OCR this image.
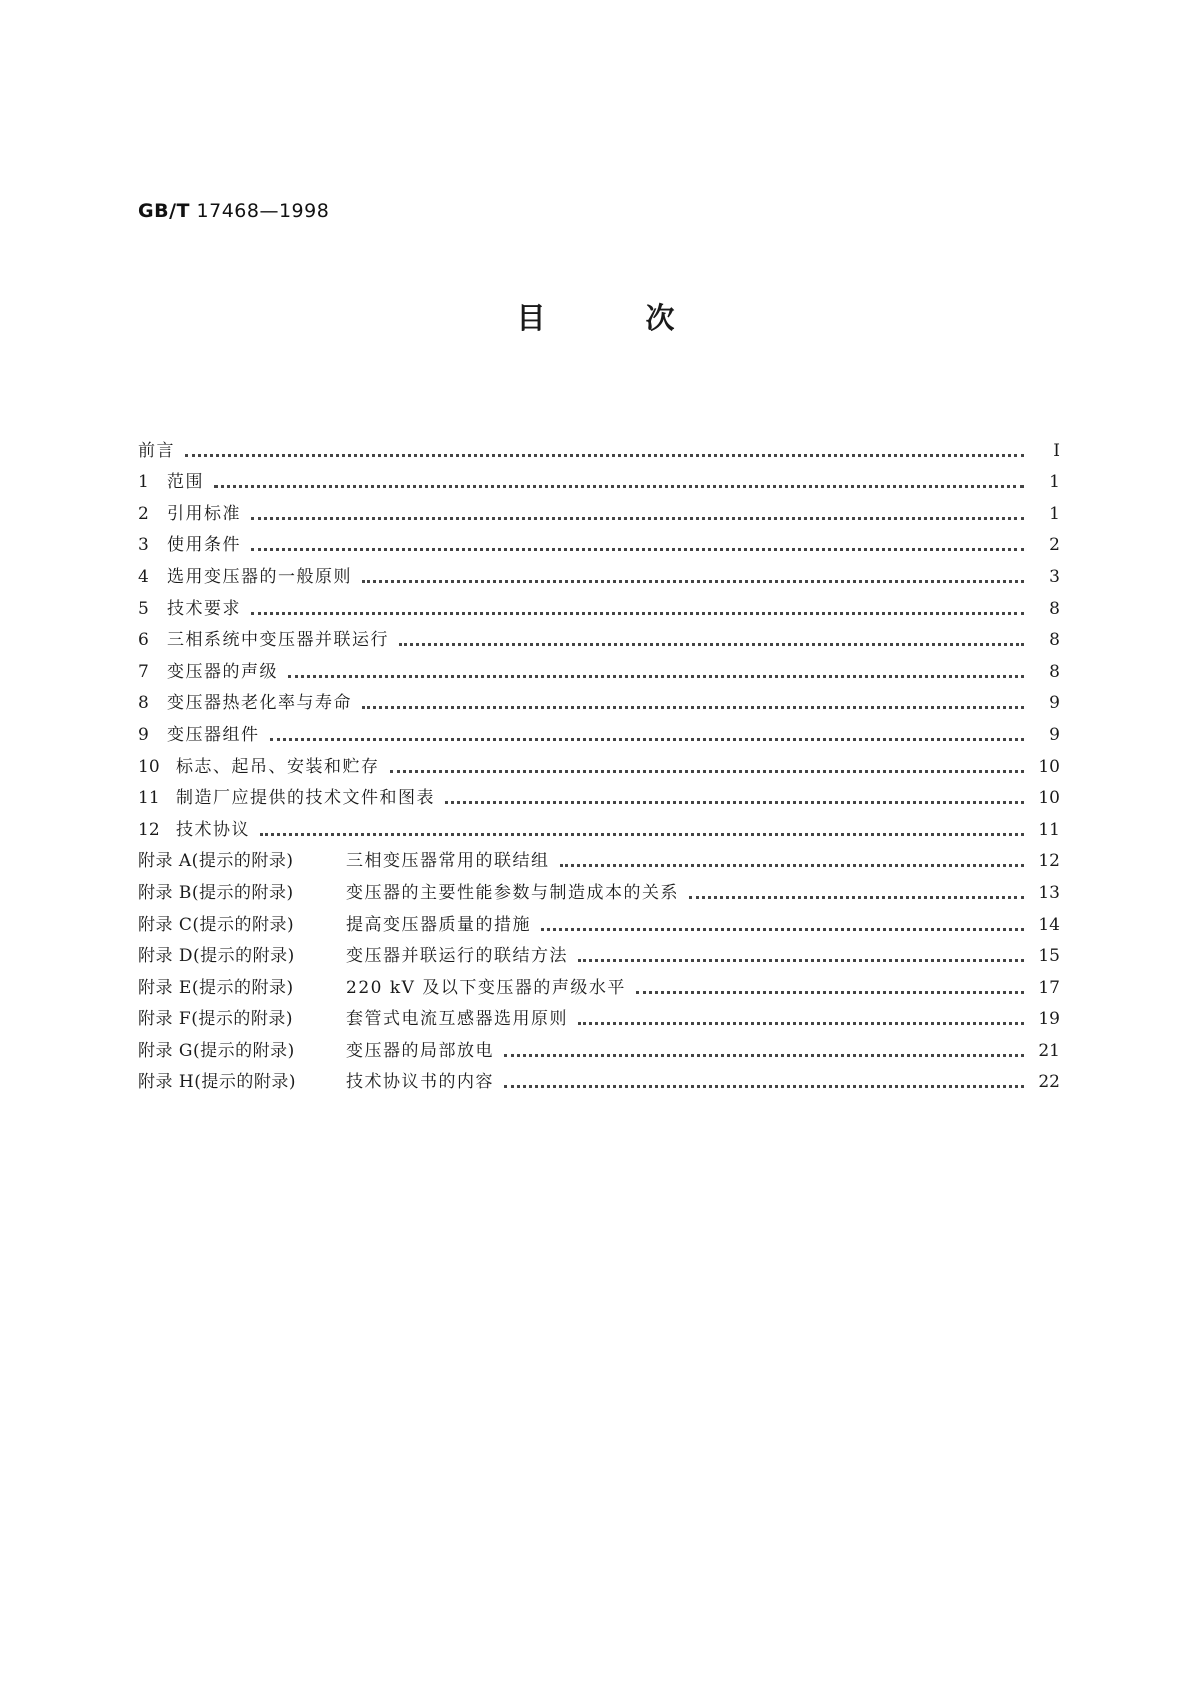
GB/T 17468—1998
目次
前言	Ⅰ
1	范围	1
2	引用标准	1
3	使用条件	2
4	选用变压器的一般原则	3
5	技术要求	8
6	三相系统中变压器并联运行	8
7	变压器的声级	8
8	变压器热老化率与寿命	9
9	变压器组件	9
10 标志、起吊、安装和贮存	10
11 制造厂应提供的技术文件和图表	10
12 技术协议	11
附录 A(提示的附录)	三相变压器常用的联结组	12
附录 B(提示的附录)	变压器的主要性能参数与制造成本的关系	13
附录 C(提示的附录)	提高变压器质量的措施	14
附录 D(提示的附录)	变压器并联运行的联结方法	15
附录 E(提示的附录)	220 kV 及以下变压器的声级水平	17
附录 F(提示的附录)	套管式电流互感器选用原则	19
附录 G(提示的附录)	变压器的局部放电	21
附录 H(提示的附录)	技术协议书的内容	22
